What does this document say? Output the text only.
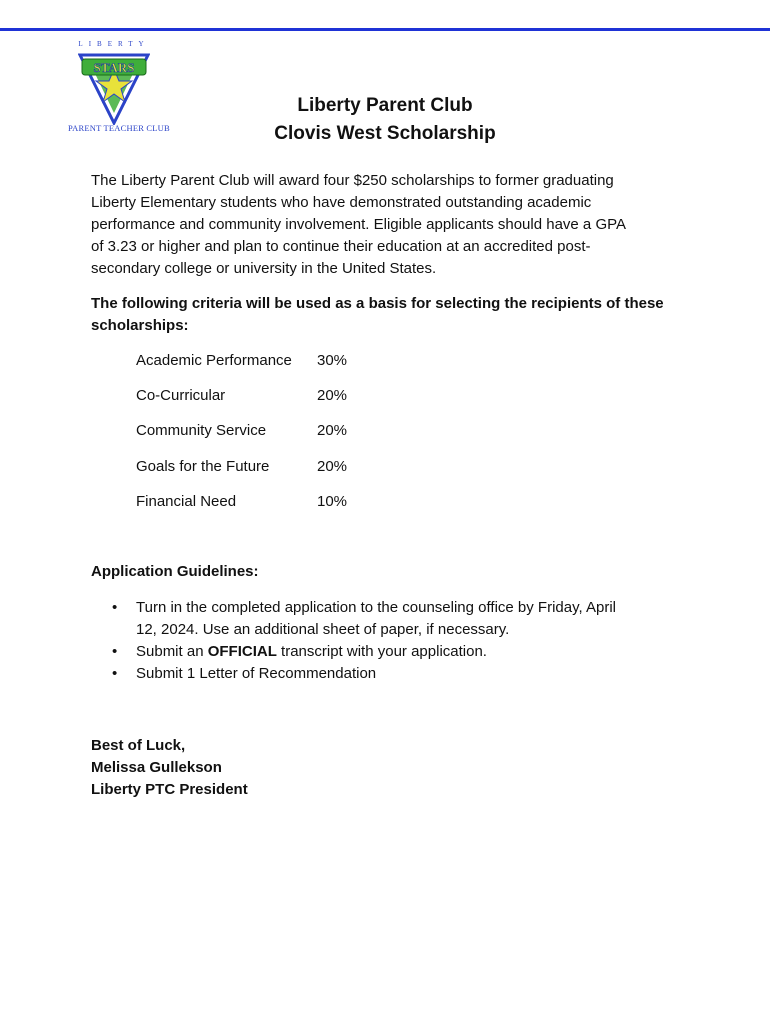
LIBERTY
STARS
PARENT TEACHER CLUB
Liberty Parent Club
Clovis West Scholarship
The Liberty Parent Club will award four $250 scholarships to former graduating
Liberty Elementary students who have demonstrated outstanding academic
performance and community involvement. Eligible applicants should have a GPA
of 3.23 or higher and plan to continue their education at an accredited post-
secondary college or university in the United States.
The following criteria will be used as a basis for selecting the recipients of these
scholarships:
Academic Performance 30%
Co-Curricular	20%
Community Service	20%
Goals for the Future	20%
Financial Need	10%
Application Guidelines:
• Turn in the completed application to the counseling office by Friday, April
12, 2024. Use an additional sheet of paper, if necessary.
• Submit an OFFICIAL transcript with your application.
• Submit 1 Letter of Recommendation
Best of Luck,
Melissa Gullekson
Liberty PTC President
